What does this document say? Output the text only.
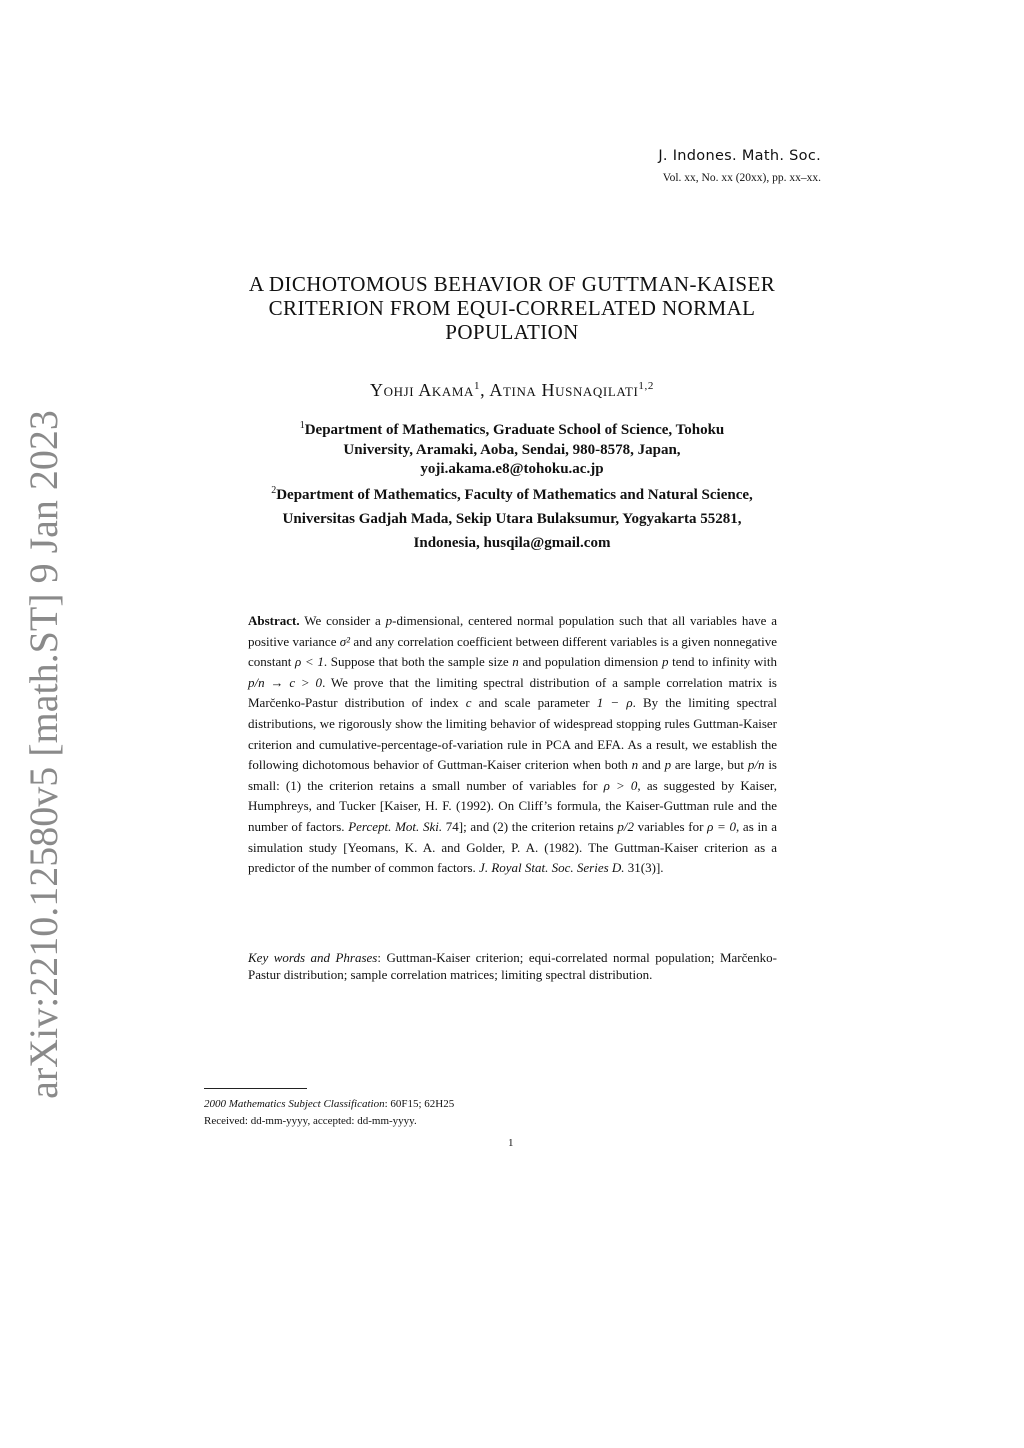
arXiv:2210.12580v5 [math.ST] 9 Jan 2023
J. Indones. Math. Soc.
Vol. xx, No. xx (20xx), pp. xx–xx.
A DICHOTOMOUS BEHAVIOR OF GUTTMAN-KAISER
CRITERION FROM EQUI-CORRELATED NORMAL
POPULATION
Yohji Akama$^1$, Atina Husnaqilati$^{1,2}$
$^1$Department of Mathematics, Graduate School of Science, Tohoku
University, Aramaki, Aoba, Sendai, 980-8578, Japan,
yoji.akama.e8@tohoku.ac.jp
$^2$Department of Mathematics, Faculty of Mathematics and Natural Science,
Universitas Gadjah Mada, Sekip Utara Bulaksumur, Yogyakarta 55281,
Indonesia, husqila@gmail.com

Abstract. We consider a p-dimensional, centered normal population such that all variables have a positive variance σ² and any correlation coefficient between different variables is a given nonnegative constant ρ < 1. Suppose that both the sample size n and population dimension p tend to infinity with p/n → c > 0. We prove that the limiting spectral distribution of a sample correlation matrix is Marčenko-Pastur distribution of index c and scale parameter 1 − ρ. By the limiting spectral distributions, we rigorously show the limiting behavior of widespread stopping rules Guttman-Kaiser criterion and cumulative-percentage-of-variation rule in PCA and EFA. As a result, we establish the following dichotomous behavior of Guttman-Kaiser criterion when both n and p are large, but p/n is small: (1) the criterion retains a small number of variables for ρ > 0, as suggested by Kaiser, Humphreys, and Tucker [Kaiser, H. F. (1992). On Cliff’s formula, the Kaiser-Guttman rule and the number of factors. Percept. Mot. Ski. 74]; and (2) the criterion retains p/2 variables for ρ = 0, as in a simulation study [Yeomans, K. A. and Golder, P. A. (1982). The Guttman-Kaiser criterion as a predictor of the number of common factors. J. Royal Stat. Soc. Series D. 31(3)].

Key words and Phrases: Guttman-Kaiser criterion; equi-correlated normal population; Marčenko-Pastur distribution; sample correlation matrices; limiting spectral distribution.

2000 Mathematics Subject Classification: 60F15; 62H25
Received: dd-mm-yyyy, accepted: dd-mm-yyyy.
1
